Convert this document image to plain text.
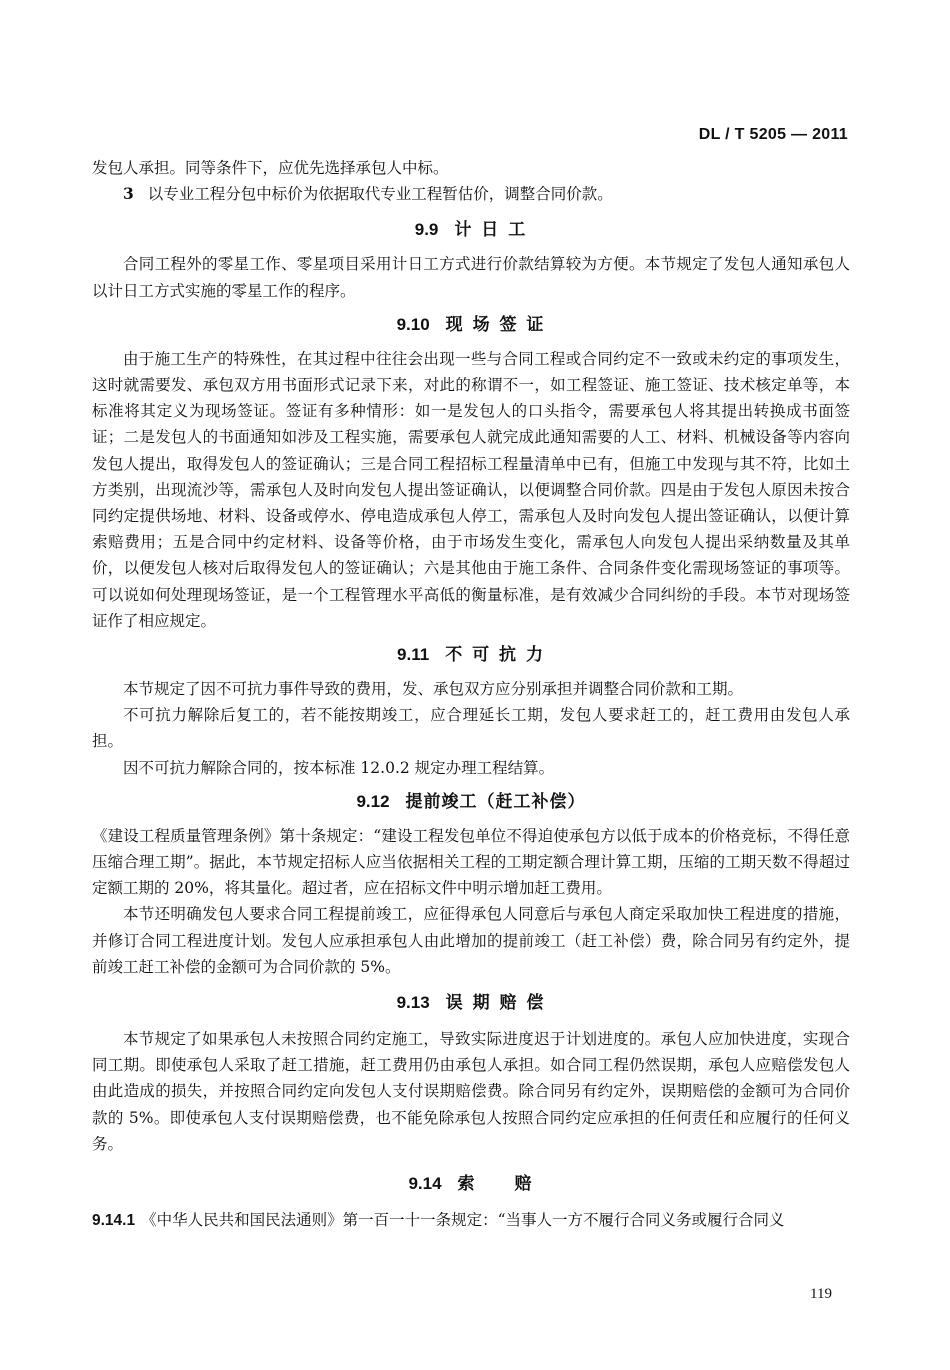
DL / T 5205 — 2011

发包人承担。同等条件下，应优先选择承包人中标。

3 以专业工程分包中标价为依据取代专业工程暂估价，调整合同价款。

9.9 计 日 工

合同工程外的零星工作、零星项目采用计日工方式进行价款结算较为方便。本节规定了发包人通知承包人以计日工方式实施的零星工作的程序。

9.10 现 场 签 证

由于施工生产的特殊性，在其过程中往往会出现一些与合同工程或合同约定不一致或未约定的事项发生，这时就需要发、承包双方用书面形式记录下来，对此的称谓不一，如工程签证、施工签证、技术核定单等，本标准将其定义为现场签证。签证有多种情形：如一是发包人的口头指令，需要承包人将其提出转换成书面签证；二是发包人的书面通知如涉及工程实施，需要承包人就完成此通知需要的人工、材料、机械设备等内容向发包人提出，取得发包人的签证确认；三是合同工程招标工程量清单中已有，但施工中发现与其不符，比如土方类别，出现流沙等，需承包人及时向发包人提出签证确认，以便调整合同价款。四是由于发包人原因未按合同约定提供场地、材料、设备或停水、停电造成承包人停工，需承包人及时向发包人提出签证确认，以便计算索赔费用；五是合同中约定材料、设备等价格，由于市场发生变化，需承包人向发包人提出采纳数量及其单价，以便发包人核对后取得发包人的签证确认；六是其他由于施工条件、合同条件变化需现场签证的事项等。可以说如何处理现场签证，是一个工程管理水平高低的衡量标准，是有效减少合同纠纷的手段。本节对现场签证作了相应规定。

9.11 不 可 抗 力

本节规定了因不可抗力事件导致的费用，发、承包双方应分别承担并调整合同价款和工期。

不可抗力解除后复工的，若不能按期竣工，应合理延长工期，发包人要求赶工的，赶工费用由发包人承担。

因不可抗力解除合同的，按本标准 12.0.2 规定办理工程结算。

9.12 提前竣工（赶工补偿）

《建设工程质量管理条例》第十条规定：“建设工程发包单位不得迫使承包方以低于成本的价格竞标，不得任意压缩合理工期”。据此，本节规定招标人应当依据相关工程的工期定额合理计算工期，压缩的工期天数不得超过定额工期的 20%，将其量化。超过者，应在招标文件中明示增加赶工费用。

本节还明确发包人要求合同工程提前竣工，应征得承包人同意后与承包人商定采取加快工程进度的措施，并修订合同工程进度计划。发包人应承担承包人由此增加的提前竣工（赶工补偿）费，除合同另有约定外，提前竣工赶工补偿的金额可为合同价款的 5%。

9.13 误 期 赔 偿

本节规定了如果承包人未按照合同约定施工，导致实际进度迟于计划进度的。承包人应加快进度，实现合同工期。即使承包人采取了赶工措施，赶工费用仍由承包人承担。如合同工程仍然误期，承包人应赔偿发包人由此造成的损失，并按照合同约定向发包人支付误期赔偿费。除合同另有约定外，误期赔偿的金额可为合同价款的 5%。即使承包人支付误期赔偿费，也不能免除承包人按照合同约定应承担的任何责任和应履行的任何义务。

9.14 索　　赔

9.14.1 《中华人民共和国民法通则》第一百一十一条规定：“当事人一方不履行合同义务或履行合同义

119
